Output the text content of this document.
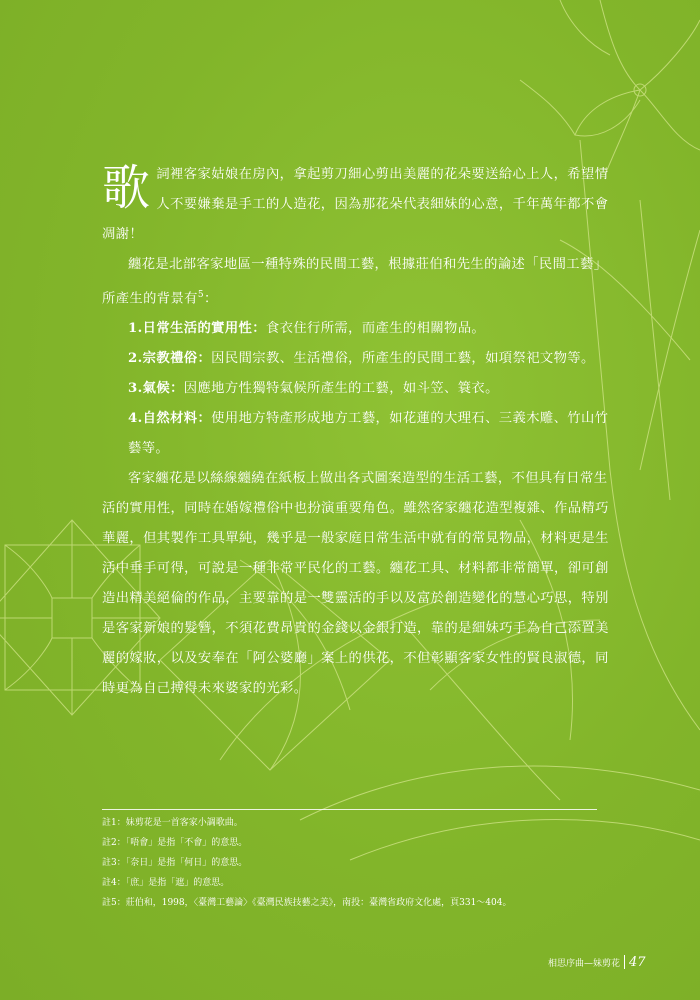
歌詞裡客家姑娘在房內，拿起剪刀細心剪出美麗的花朵要送給心上人，希望情人不要嫌棄是手工的人造花，因為那花朵代表細妹的心意，千年萬年都不會凋謝！

纏花是北部客家地區一種特殊的民間工藝，根據莊伯和先生的論述「民間工藝」所產生的背景有$^5$：

1.日常生活的實用性：食衣住行所需，而產生的相關物品。

2.宗教禮俗：因民間宗教、生活禮俗，所產生的民間工藝，如項祭祀文物等。

3.氣候：因應地方性獨特氣候所產生的工藝，如斗笠、簑衣。

4.自然材料：使用地方特產形成地方工藝，如花蓮的大理石、三義木雕、竹山竹藝等。

客家纏花是以絲線纏繞在紙板上做出各式圖案造型的生活工藝，不但具有日常生活的實用性，同時在婚嫁禮俗中也扮演重要角色。雖然客家纏花造型複雜、作品精巧華麗，但其製作工具單純，幾乎是一般家庭日常生活中就有的常見物品，材料更是生活中垂手可得，可說是一種非常平民化的工藝。纏花工具、材料都非常簡單，卻可創造出精美絕倫的作品，主要靠的是一雙靈活的手以及富於創造變化的慧心巧思，特別是客家新娘的髮簪，不須花費昂貴的金錢以金銀打造，靠的是細妹巧手為自己添置美麗的嫁妝，以及安奉在「阿公婆廳」案上的供花，不但彰顯客家女性的賢良淑德，同時更為自己搏得未來婆家的光彩。

註1：妹剪花是一首客家小調歌曲。

註2：「唔會」是指「不會」的意思。

註3：「奈日」是指「何日」的意思。

註4：「庶」是指「遮」的意思。

註5：莊伯和，1998，〈臺灣工藝論〉《臺灣民族技藝之美》，南投：臺灣省政府文化處，頁331～404。

相思序曲—妹剪花 47
